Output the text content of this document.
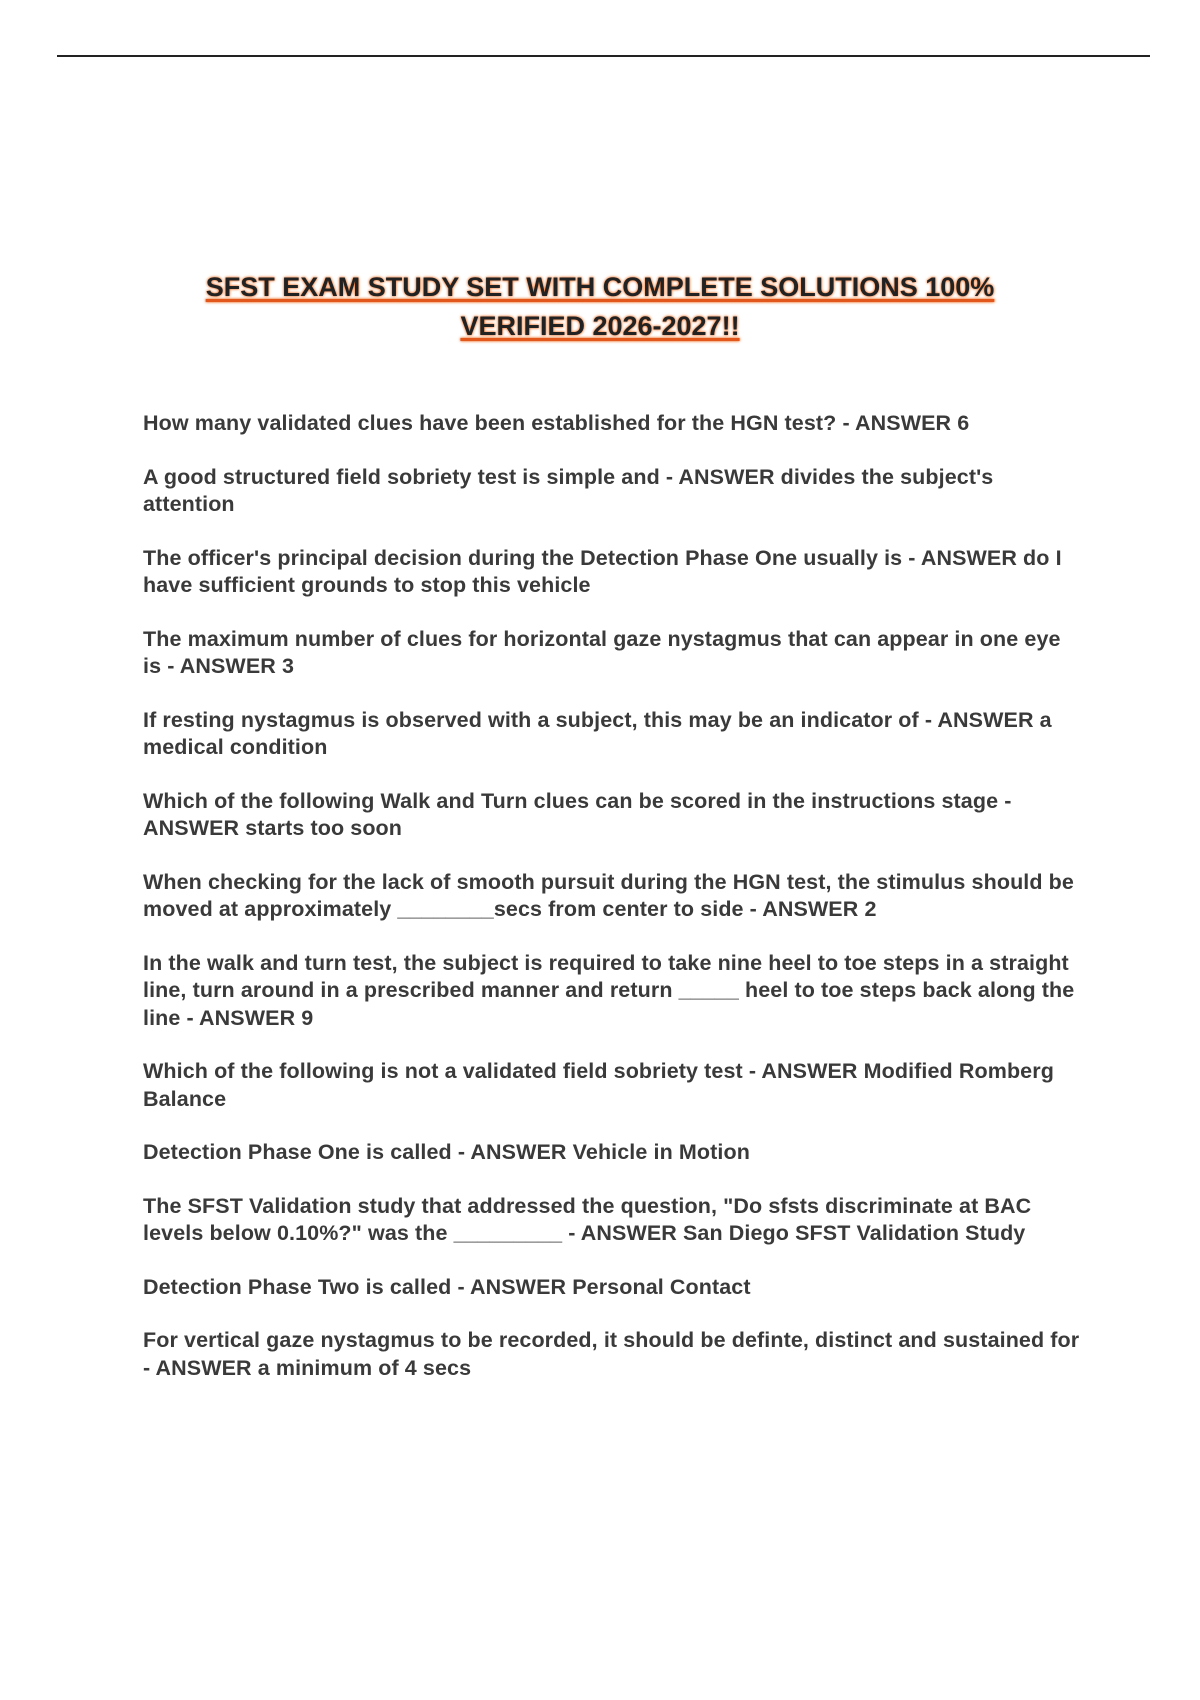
SFST EXAM STUDY SET WITH COMPLETE SOLUTIONS 100%
VERIFIED 2026-2027!!
How many validated clues have been established for the HGN test? - ANSWER 6
A good structured field sobriety test is simple and - ANSWER divides the subject's attention
The officer's principal decision during the Detection Phase One usually is - ANSWER do I have sufficient grounds to stop this vehicle
The maximum number of clues for horizontal gaze nystagmus that can appear in one eye is - ANSWER 3
If resting nystagmus is observed with a subject, this may be an indicator of - ANSWER a medical condition
Which of the following Walk and Turn clues can be scored in the instructions stage - ANSWER starts too soon
When checking for the lack of smooth pursuit during the HGN test, the stimulus should be moved at approximately ________secs from center to side - ANSWER 2
In the walk and turn test, the subject is required to take nine heel to toe steps in a straight line, turn around in a prescribed manner and return _____ heel to toe steps back along the line - ANSWER 9
Which of the following is not a validated field sobriety test - ANSWER Modified Romberg Balance
Detection Phase One is called - ANSWER Vehicle in Motion
The SFST Validation study that addressed the question, "Do sfsts discriminate at BAC levels below 0.10%?" was the _________ - ANSWER San Diego SFST Validation Study
Detection Phase Two is called - ANSWER Personal Contact
For vertical gaze nystagmus to be recorded, it should be definte, distinct and sustained for - ANSWER a minimum of 4 secs
